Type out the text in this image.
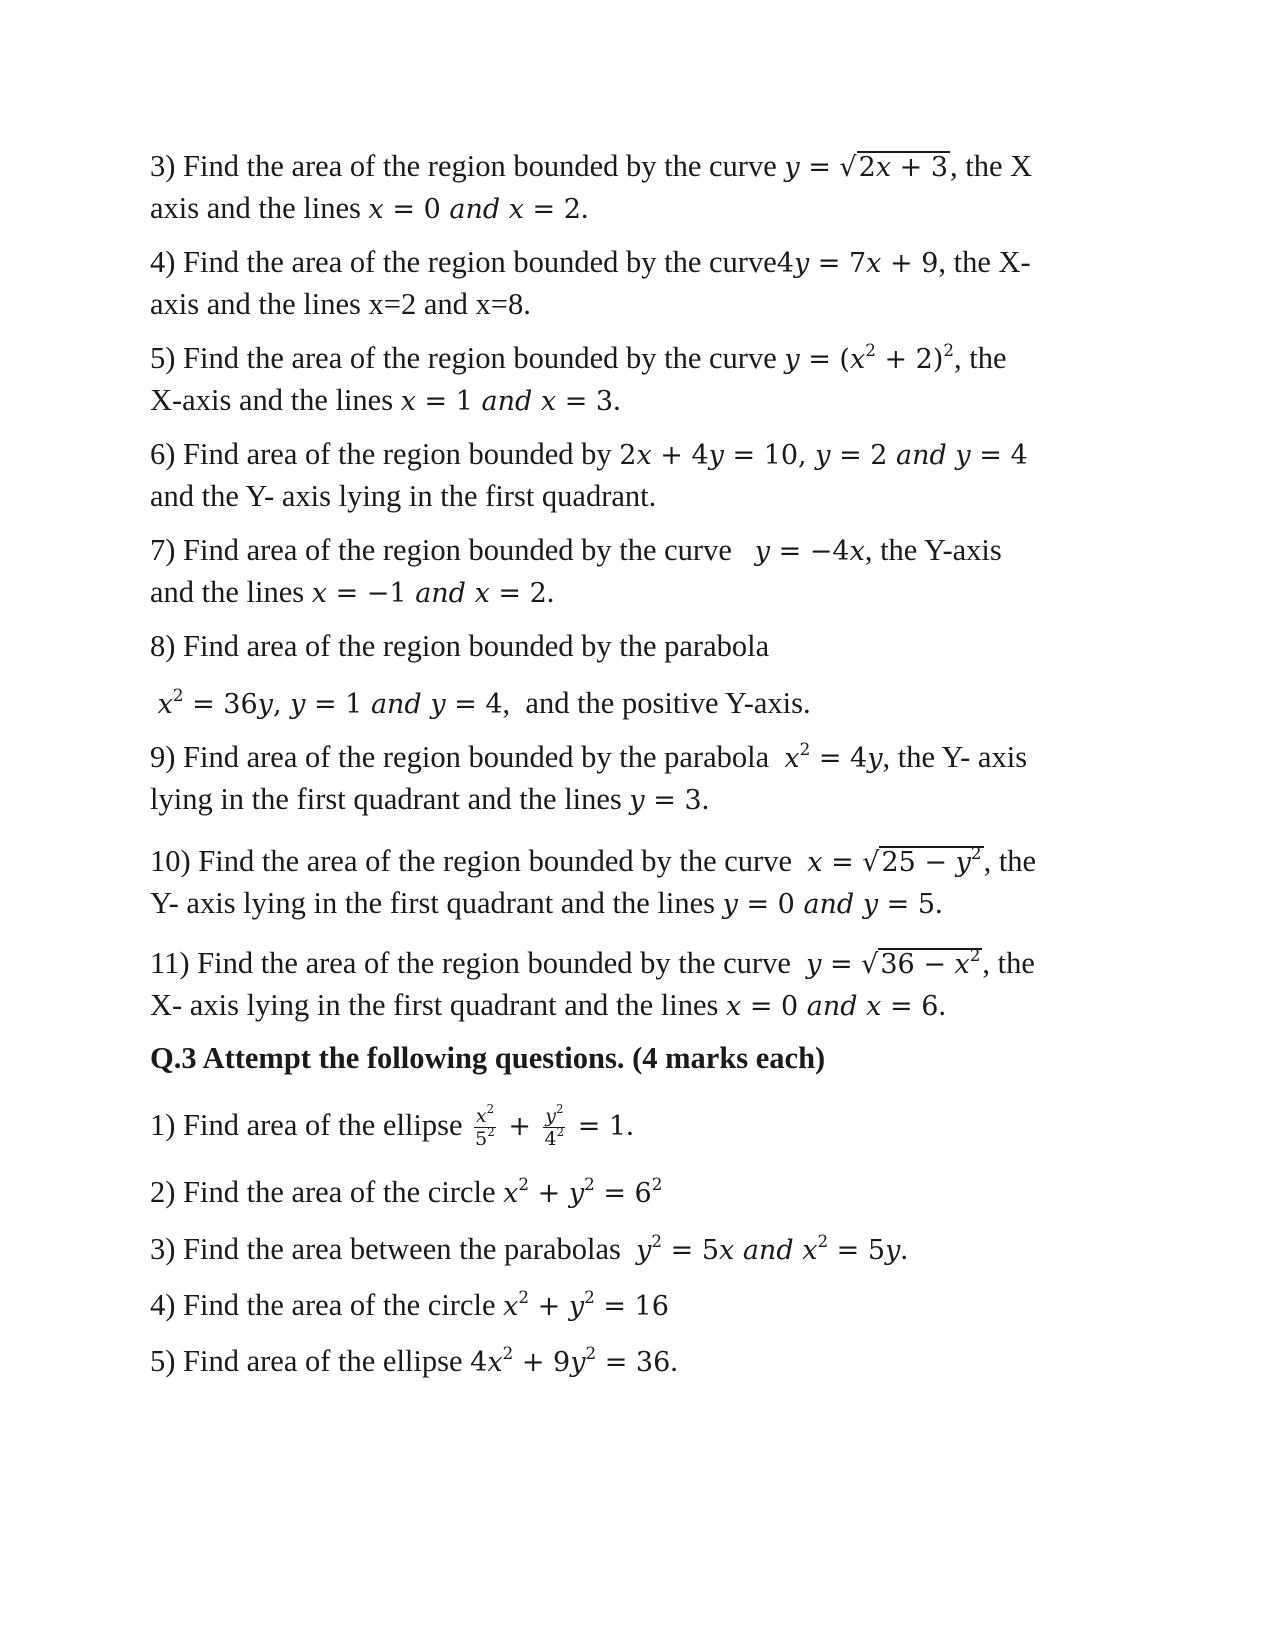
3) Find the area of the region bounded by the curve y = √2x + 3, the X

axis and the lines x = 0 and x = 2.

4) Find the area of the region bounded by the curve4y = 7x + 9, the X-

axis and the lines x=2 and x=8.

5) Find the area of the region bounded by the curve $y = (x^2 + 2)^2$, the

X-axis and the lines x = 1 and x = 3.

6) Find area of the region bounded by 2x + 4y = 10, y = 2 and y = 4

and the Y- axis lying in the first quadrant.

7) Find area of the region bounded by the curve   y = −4x, the Y-axis

and the lines x = −1 and x = 2.

8) Find area of the region bounded by the parabola

$x^2 = 36y$, y = 1 and y = 4,  and the positive Y-axis.

9) Find area of the region bounded by the parabola  $x^2 = 4y$, the Y- axis

lying in the first quadrant and the lines y = 3.

10) Find the area of the region bounded by the curve  $x = √25 - y^2$, the

Y- axis lying in the first quadrant and the lines y = 0 and y = 5.

11) Find the area of the region bounded by the curve  $y = √36 - x^2$, the

X- axis lying in the first quadrant and the lines x = 0 and x = 6.

Q.3 Attempt the following questions. (4 marks each)

1) Find area of the ellipse $\frac{x^2}{5^2} + \frac{y^2}{4^2} = 1$.

2) Find the area of the circle $x^2 + y^2 = 6^2$

3) Find the area between the parabolas  $y^2 = 5x$ and $x^2 = 5y$.

4) Find the area of the circle $x^2 + y^2 = 16$

5) Find area of the ellipse $4x^2 + 9y^2 = 36$.
